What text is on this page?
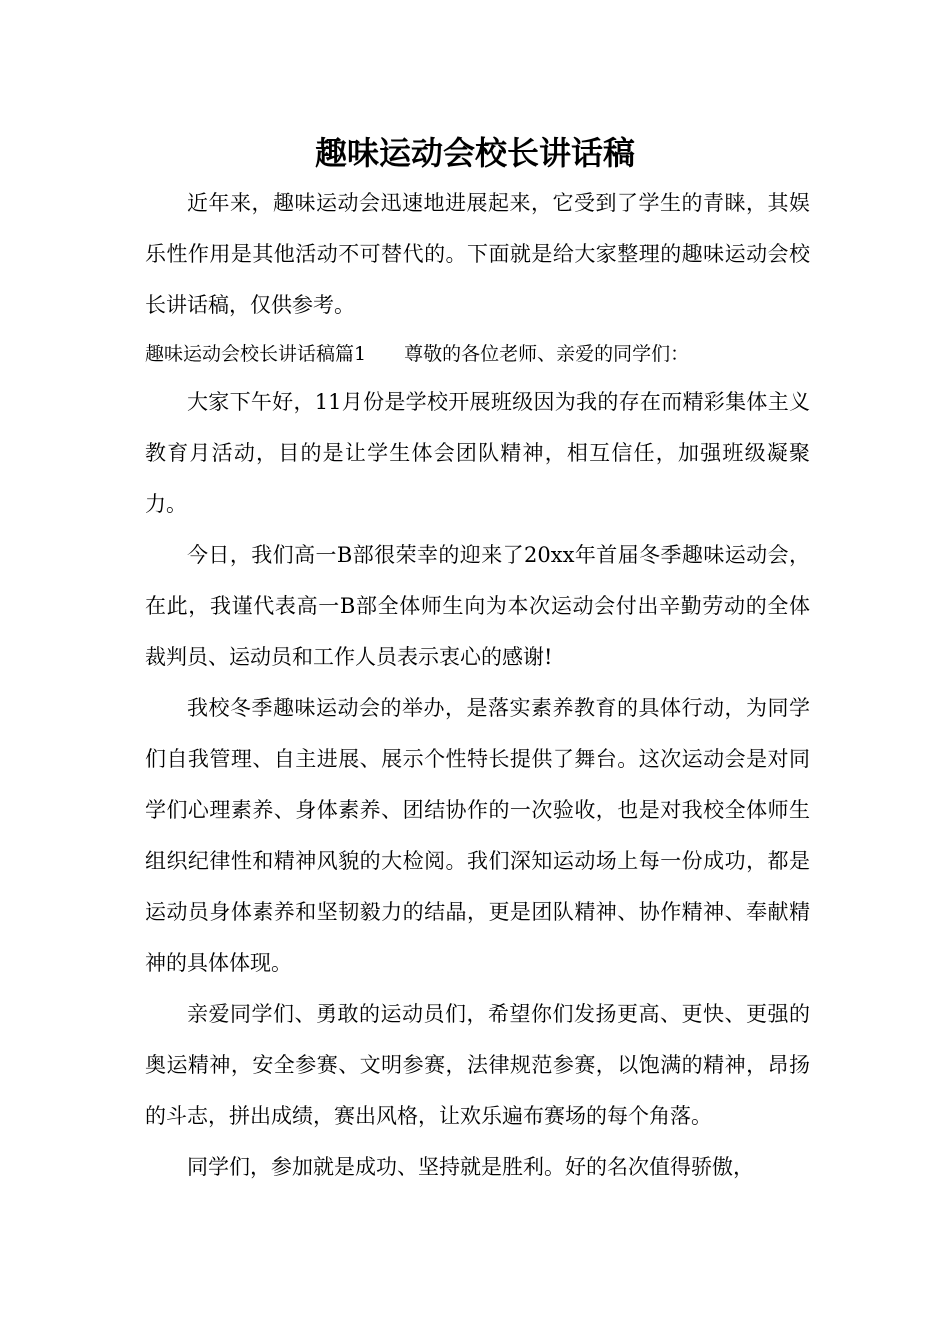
趣味运动会校长讲话稿

近年来，趣味运动会迅速地进展起来，它受到了学生的青睐，其娱乐性作用是其他活动不可替代的。下面就是给大家整理的趣味运动会校长讲话稿，仅供参考。

趣味运动会校长讲话稿篇1 尊敬的各位老师、亲爱的同学们：

大家下午好，11月份是学校开展班级因为我的存在而精彩集体主义教育月活动，目的是让学生体会团队精神，相互信任，加强班级凝聚力。

今日，我们高一B部很荣幸的迎来了20xx年首届冬季趣味运动会，在此，我谨代表高一B部全体师生向为本次运动会付出辛勤劳动的全体裁判员、运动员和工作人员表示衷心的感谢!

我校冬季趣味运动会的举办，是落实素养教育的具体行动，为同学们自我管理、自主进展、展示个性特长提供了舞台。这次运动会是对同学们心理素养、身体素养、团结协作的一次验收，也是对我校全体师生组织纪律性和精神风貌的大检阅。我们深知运动场上每一份成功，都是运动员身体素养和坚韧毅力的结晶，更是团队精神、协作精神、奉献精神的具体体现。

亲爱同学们、勇敢的运动员们，希望你们发扬更高、更快、更强的奥运精神，安全参赛、文明参赛，法律规范参赛，以饱满的精神，昂扬的斗志，拼出成绩，赛出风格，让欢乐遍布赛场的每个角落。

同学们，参加就是成功、坚持就是胜利。好的名次值得骄傲，
